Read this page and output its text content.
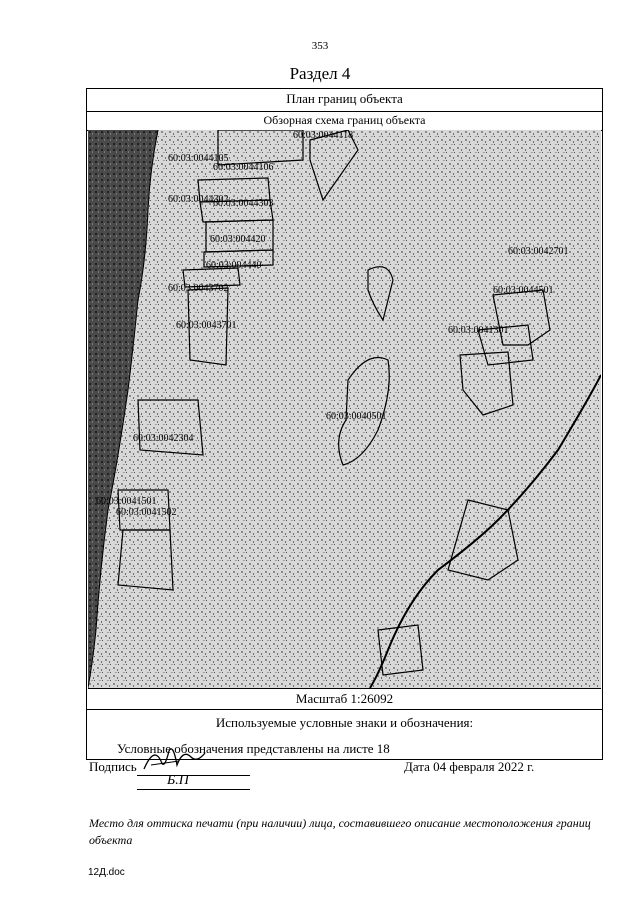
353
Раздел 4
План границ объекта
Обзорная схема границ объекта
60:03:0044118
60:03:0044105
60:03:0044106
60:03:0044302
60:03:0044303
60:03:004420
60:03:004440
60:03:0043702
60:03:0043701
60:03:0042701
60:03:0044501
60:03:0041301
60:03:0040501
60:03:0042304
60:03:0041501
60:03:0041502
Масштаб 1:26092
Используемые условные знаки и обозначения:
Условные обозначения представлены на листе 18
Подпись
Б.П
Дата 04 февраля 2022 г.
Место для оттиска печати (при наличии) лица, составившего описание местоположения границ объекта
12Д.doc
